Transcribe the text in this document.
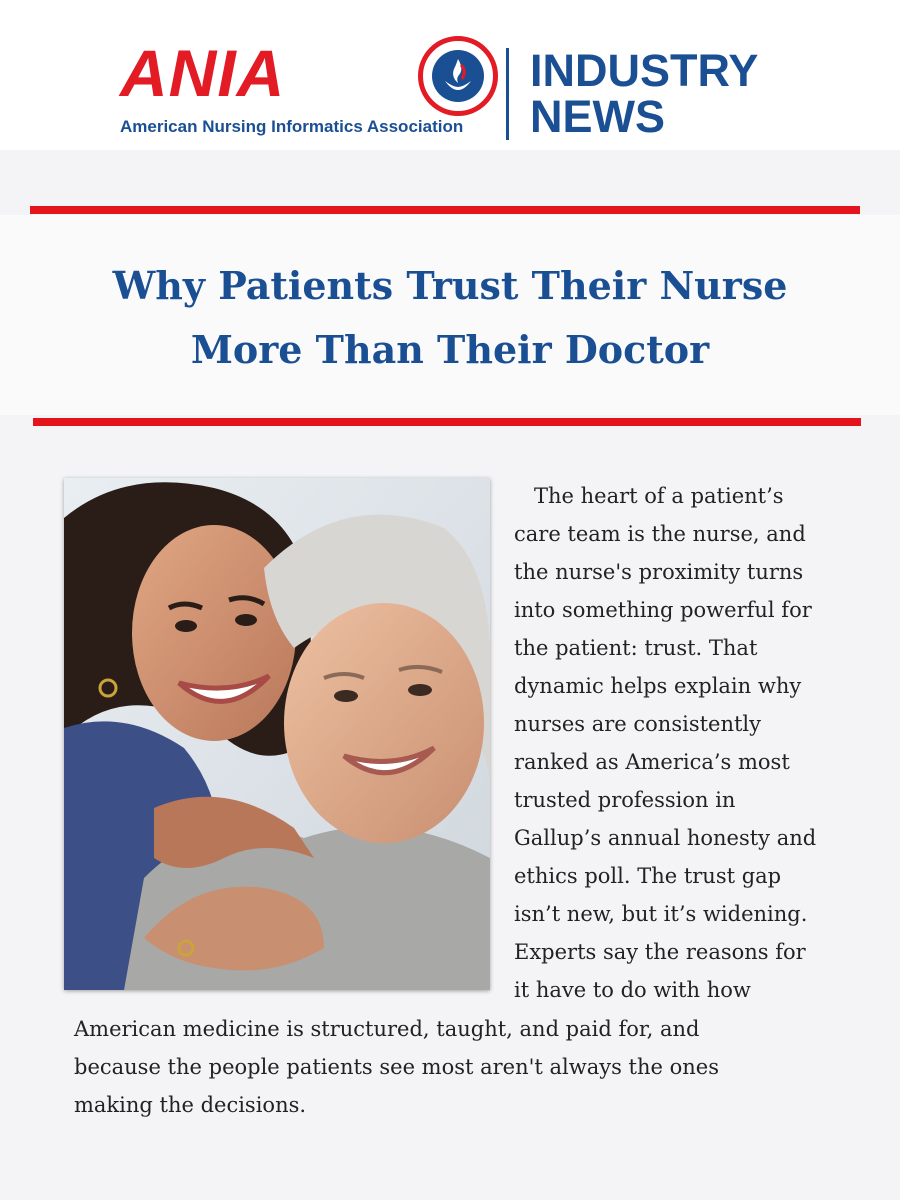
ANIA
American Nursing Informatics Association
INDUSTRY
NEWS
Why Patients Trust Their Nurse
More Than Their Doctor
The heart of a patient’s
care team is the nurse, and
the nurse's proximity turns
into something powerful for
the patient: trust. That
dynamic helps explain why
nurses are consistently
ranked as America’s most
trusted profession in
Gallup’s annual honesty and
ethics poll. The trust gap
isn’t new, but it’s widening.
Experts say the reasons for
it have to do with how
American medicine is structured, taught, and paid for, and
because the people patients see most aren't always the ones
making the decisions.
